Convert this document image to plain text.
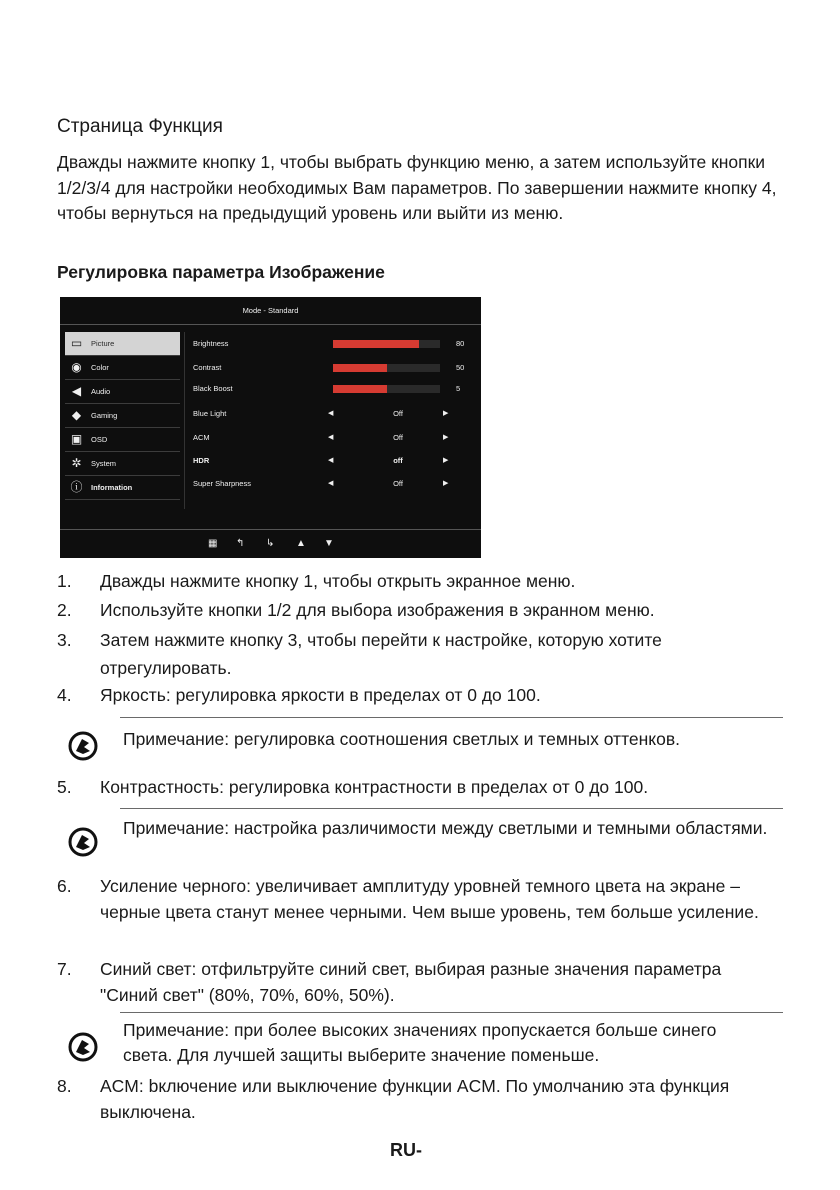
Страница Функция
Дважды нажмите кнопку 1, чтобы выбрать функцию меню, а затем используйте кнопки 1/2/3/4 для настройки необходимых Вам параметров. По завершении нажмите кнопку 4, чтобы вернуться на предыдущий уровень или выйти из меню.
Регулировка параметра Изображение
Mode - Standard
▭ Picture
◉	Color
◀	Audio
◆	Gaming
▣ OSD
✲	System
ⓘ Information
Brightness	80
Contrast	50
Black Boost	5
Blue Light	◀	Off	▶
ACM	◀	Off	▶
HDR	◀	off	▶
Super Sharpness	◀	Off	▶
▦ ↰ ↳ ▲ ▼
1. Дважды нажмите кнопку 1, чтобы открыть экранное меню.
2. Используйте кнопки 1/2 для выбора изображения в экранном меню.
3. Затем нажмите кнопку 3, чтобы перейти к настройке, которую хотите отрегулировать.
4. Яркость: регулировка яркости в пределах от 0 до 100.
Примечание: регулировка соотношения светлых и темных оттенков.
5. Контрастность: регулировка контрастности в пределах от 0 до 100.
Примечание: настройка различимости между светлыми и темными областями.
6. Усиление черного: увеличивает амплитуду уровней темного цвета на экране – черные цвета станут менее черными. Чем выше уровень, тем больше усиление.
7. Синий свет: отфильтруйте синий свет, выбирая разные значения параметра "Синий свет" (80%, 70%, 60%, 50%).
Примечание: при более высоких значениях пропускается больше синего света. Для лучшей защиты выберите значение поменьше.
8. ACM: bключение или выключение функции ACM. По умолчанию эта функция выключена.
RU-
